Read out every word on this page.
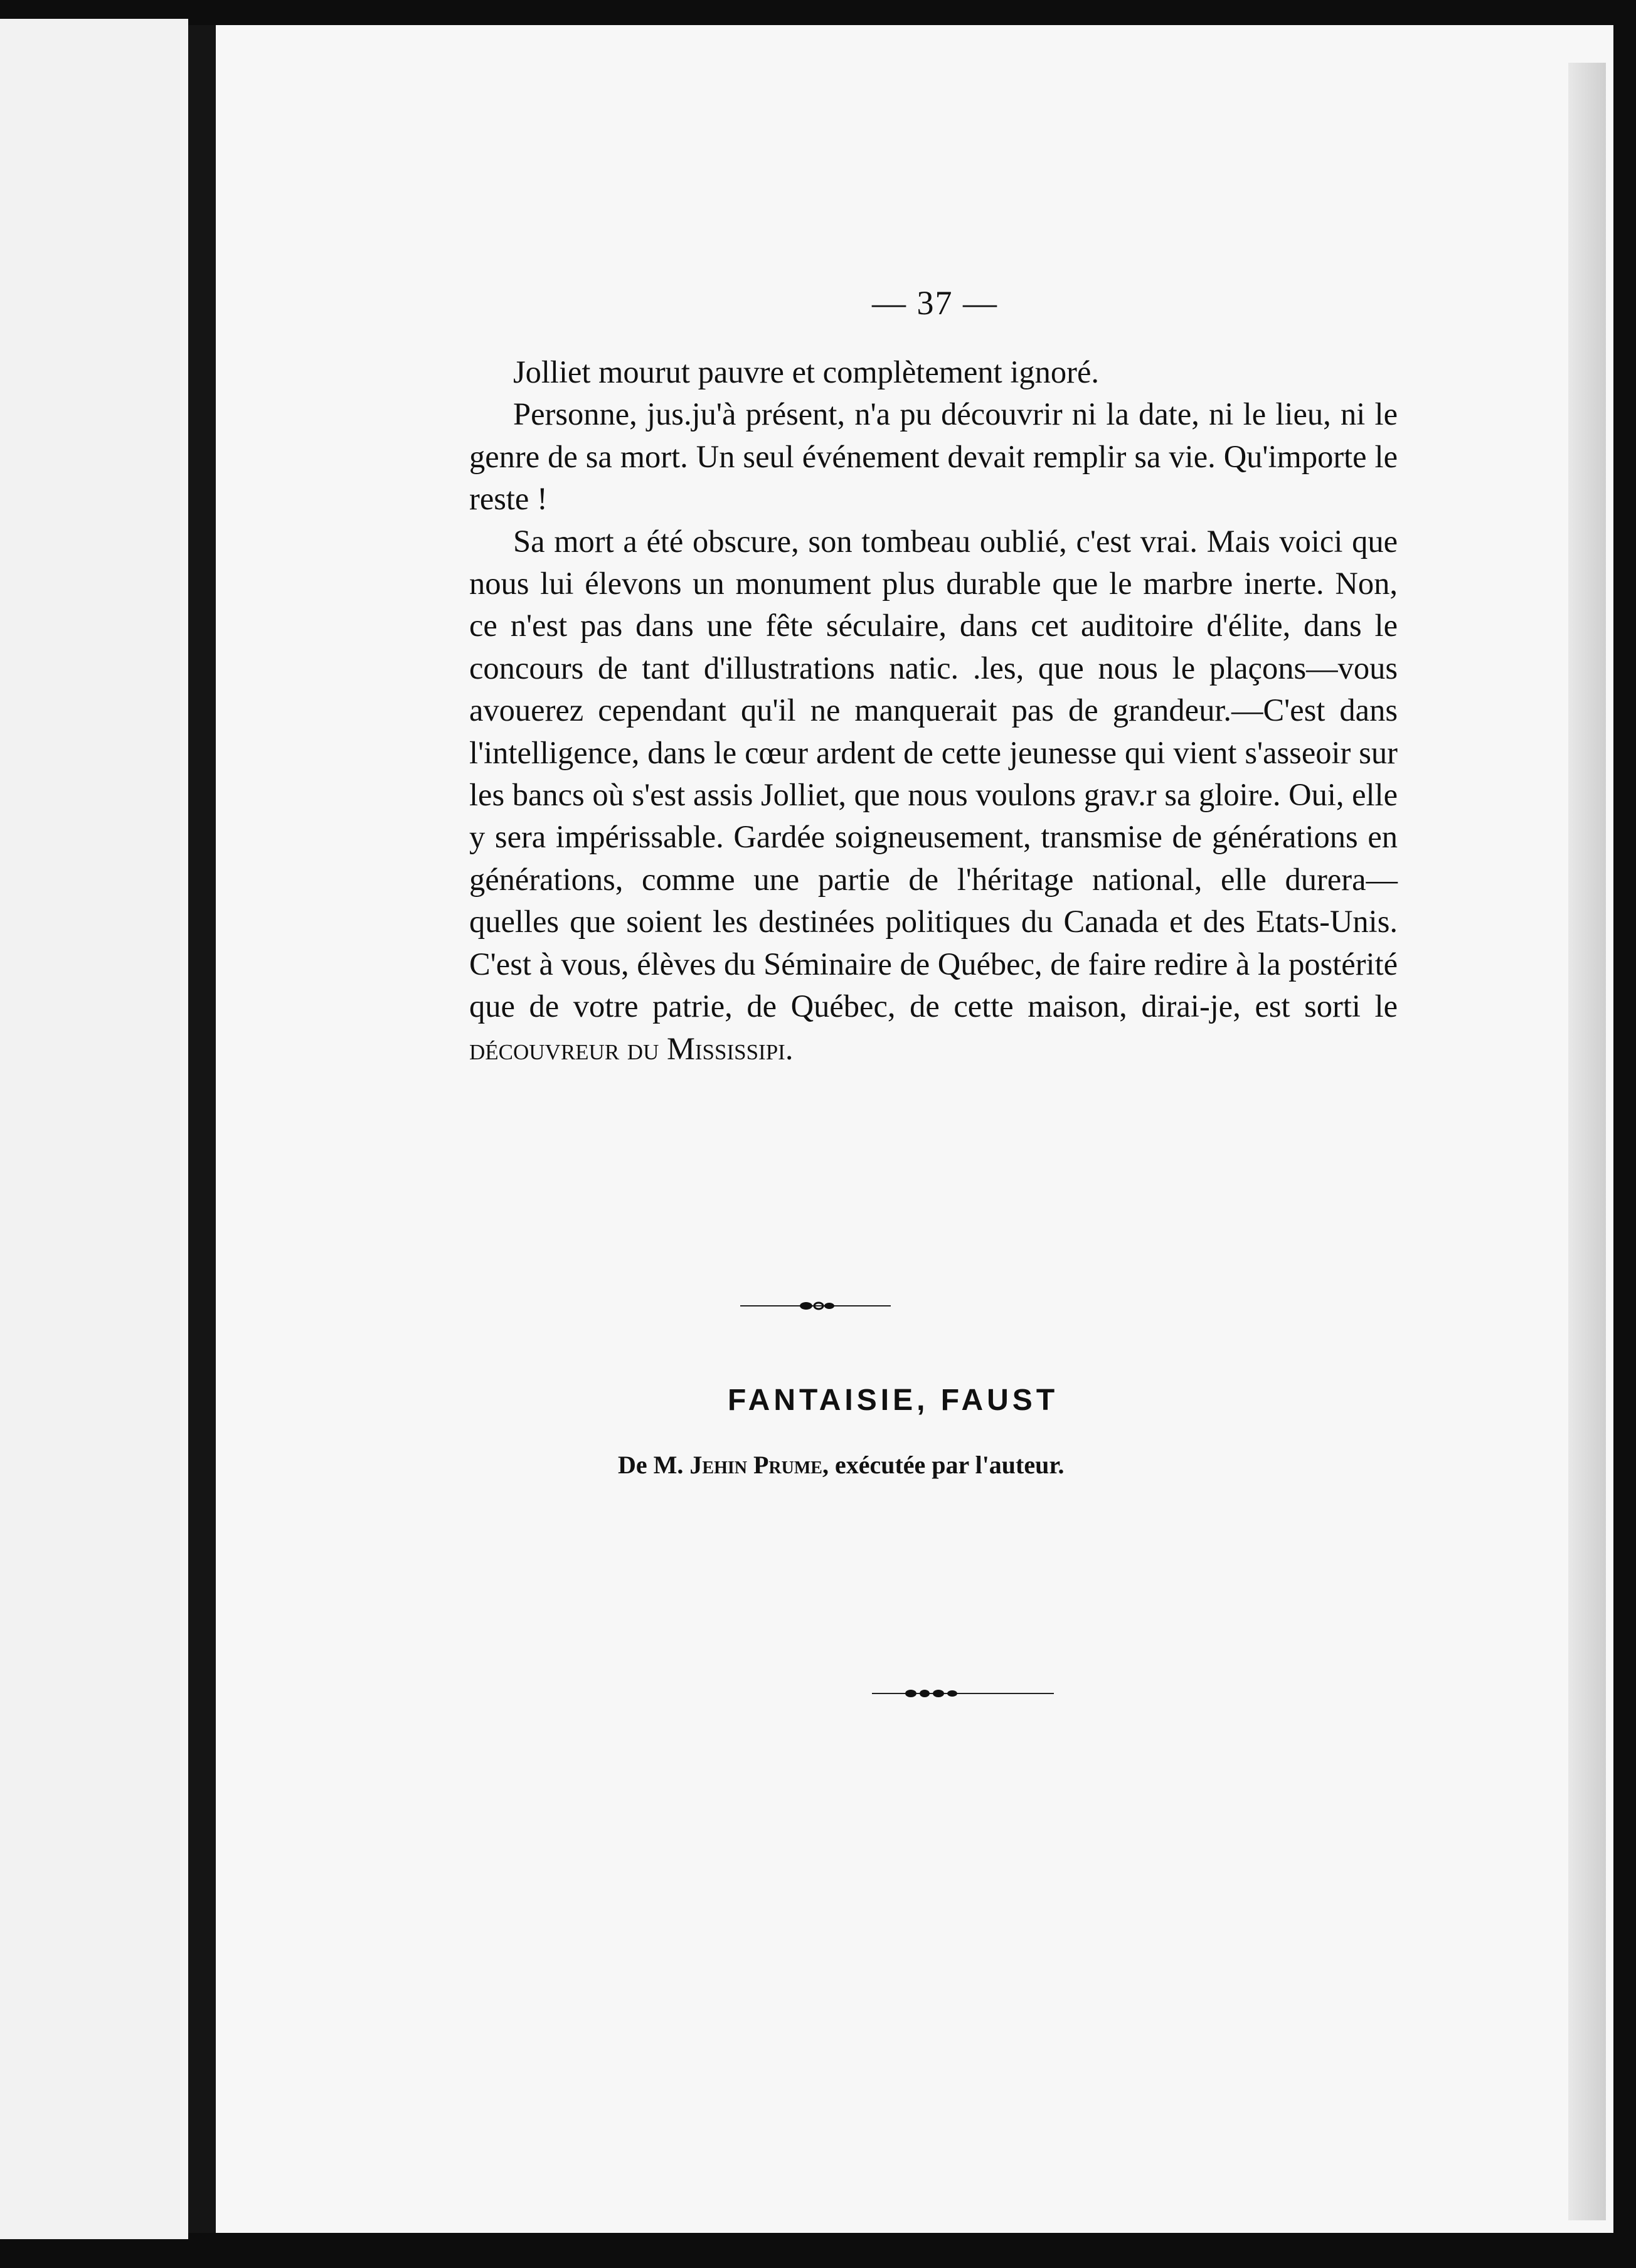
— 37 —

Jolliet mourut pauvre et complètement ignoré.

Personne, jus.ju'à présent, n'a pu découvrir ni la date, ni le lieu, ni le genre de sa mort. Un seul événement devait remplir sa vie. Qu'importe le reste !

Sa mort a été obscure, son tombeau oublié, c'est vrai. Mais voici que nous lui élevons un monument plus durable que le marbre inerte. Non, ce n'est pas dans une fête séculaire, dans cet auditoire d'élite, dans le concours de tant d'illustrations natic. .les, que nous le plaçons—vous avouerez cependant qu'il ne manquerait pas de grandeur.—C'est dans l'intelligence, dans le cœur ardent de cette jeunesse qui vient s'asseoir sur les bancs où s'est assis Jolliet, que nous voulons grav.r sa gloire. Oui, elle y sera impérissable. Gardée soigneusement, transmise de générations en générations, comme une partie de l'héritage national, elle durera—quelles que soient les destinées politiques du Canada et des Etats-Unis. C'est à vous, élèves du Séminaire de Québec, de faire redire à la postérité que de votre patrie, de Québec, de cette maison, dirai-je, est sorti le découvreur du Mississipi.

FANTAISIE, FAUST
De M. Jehin Prume, exécutée par l'auteur.
